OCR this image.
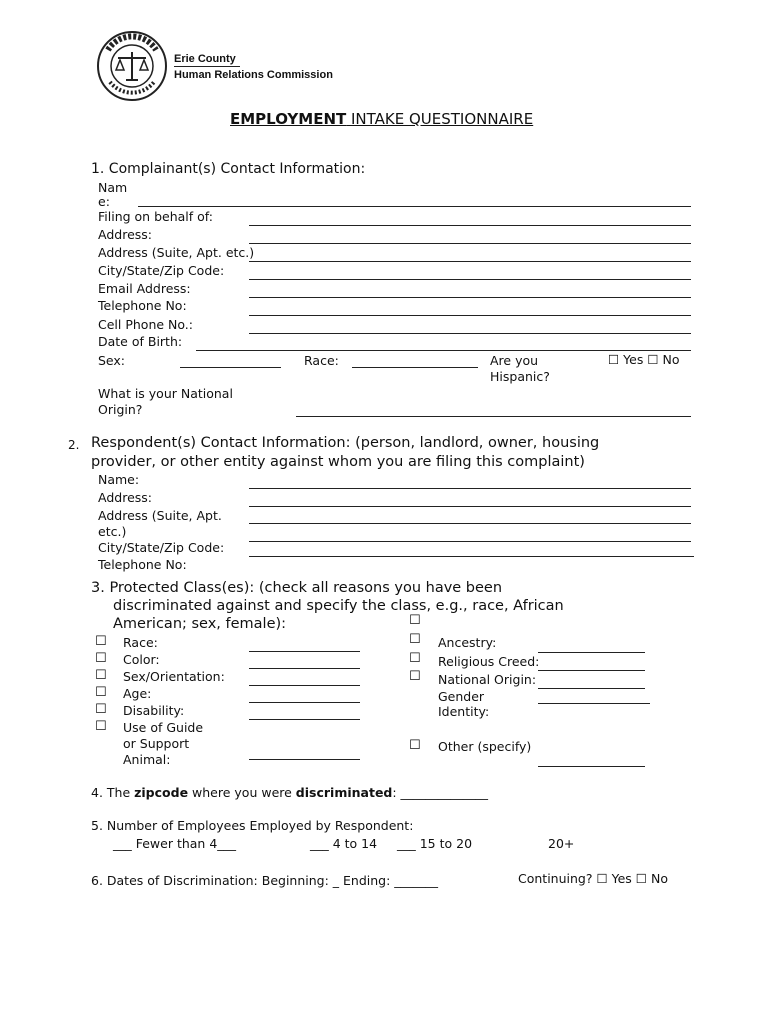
Erie County
Human Relations Commission
EMPLOYMENT INTAKE QUESTIONNAIRE
1. Complainant(s) Contact Information:
Nam
e:
Filing on behalf of:
Address:
Address (Suite, Apt. etc.)
City/State/Zip Code:
Email Address:
Telephone No:
Cell Phone No.:
Date of Birth:
Sex:	Race:	Are you
Hispanic?
☐ Yes ☐ No
What is your National
Origin?
2. Respondent(s) Contact Information: (person, landlord, owner, housing
provider, or other entity against whom you are filing this complaint)
Name:
Address:
Address (Suite, Apt.
etc.)
City/State/Zip Code:
Telephone No:
3. Protected Class(es): (check all reasons you have been
discriminated against and specify the class, e.g., race, African
American; sex, female):	☐
☐ Race:
☐ Color:
☐ Sex/Orientation:
☐ Age:
☐ Disability:
☐ Use of Guide
or Support
Animal:
☐ Ancestry:
☐ Religious Creed:
☐ National Origin:
Gender
Identity:
☐ Other (specify)
4. The zipcode where you were discriminated: ______________
5. Number of Employees Employed by Respondent:
___ Fewer than 4___	___ 4 to 14 ___ 15 to 20	20+
6. Dates of Discrimination: Beginning: _ Ending: _______	Continuing? ☐ Yes ☐ No
